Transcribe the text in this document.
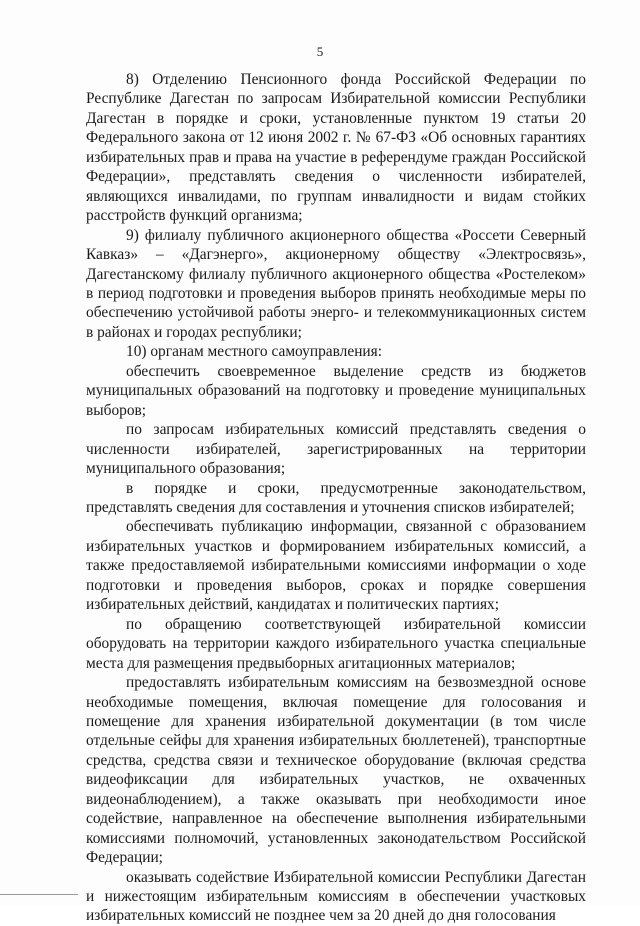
5

8) Отделению Пенсионного фонда Российской Федерации по Республике Дагестан по запросам Избирательной комиссии Республики Дагестан в порядке и сроки, установленные пунктом 19 статьи 20 Федерального закона от 12 июня 2002 г. № 67-ФЗ «Об основных гарантиях избирательных прав и права на участие в референдуме граждан Российской Федерации», представлять сведения о численности избирателей, являющихся инвалидами, по группам инвалидности и видам стойких расстройств функций организма;

9) филиалу публичного акционерного общества «Россети Северный Кавказ» – «Дагэнерго», акционерному обществу «Электросвязь», Дагестанскому филиалу публичного акционерного общества «Ростелеком» в период подготовки и проведения выборов принять необходимые меры по обеспечению устойчивой работы энерго- и телекоммуникационных систем в районах и городах республики;

10) органам местного самоуправления:

обеспечить своевременное выделение средств из бюджетов муниципальных образований на подготовку и проведение муниципальных выборов;

по запросам избирательных комиссий представлять сведения о численности избирателей, зарегистрированных на территории муниципального образования;

в порядке и сроки, предусмотренные законодательством, представлять сведения для составления и уточнения списков избирателей;

обеспечивать публикацию информации, связанной с образованием избирательных участков и формированием избирательных комиссий, а также предоставляемой избирательными комиссиями информации о ходе подготовки и проведения выборов, сроках и порядке совершения избирательных действий, кандидатах и политических партиях;

по обращению соответствующей избирательной комиссии оборудовать на территории каждого избирательного участка специальные места для размещения предвыборных агитационных материалов;

предоставлять избирательным комиссиям на безвозмездной основе необходимые помещения, включая помещение для голосования и помещение для хранения избирательной документации (в том числе отдельные сейфы для хранения избирательных бюллетеней), транспортные средства, средства связи и техническое оборудование (включая средства видеофиксации для избирательных участков, не охваченных видеонаблюдением), а также оказывать при необходимости иное содействие, направленное на обеспечение выполнения избирательными комиссиями полномочий, установленных законодательством Российской Федерации;

оказывать содействие Избирательной комиссии Республики Дагестан и нижестоящим избирательным комиссиям в обеспечении участковых избирательных комиссий не позднее чем за 20 дней до дня голосования
